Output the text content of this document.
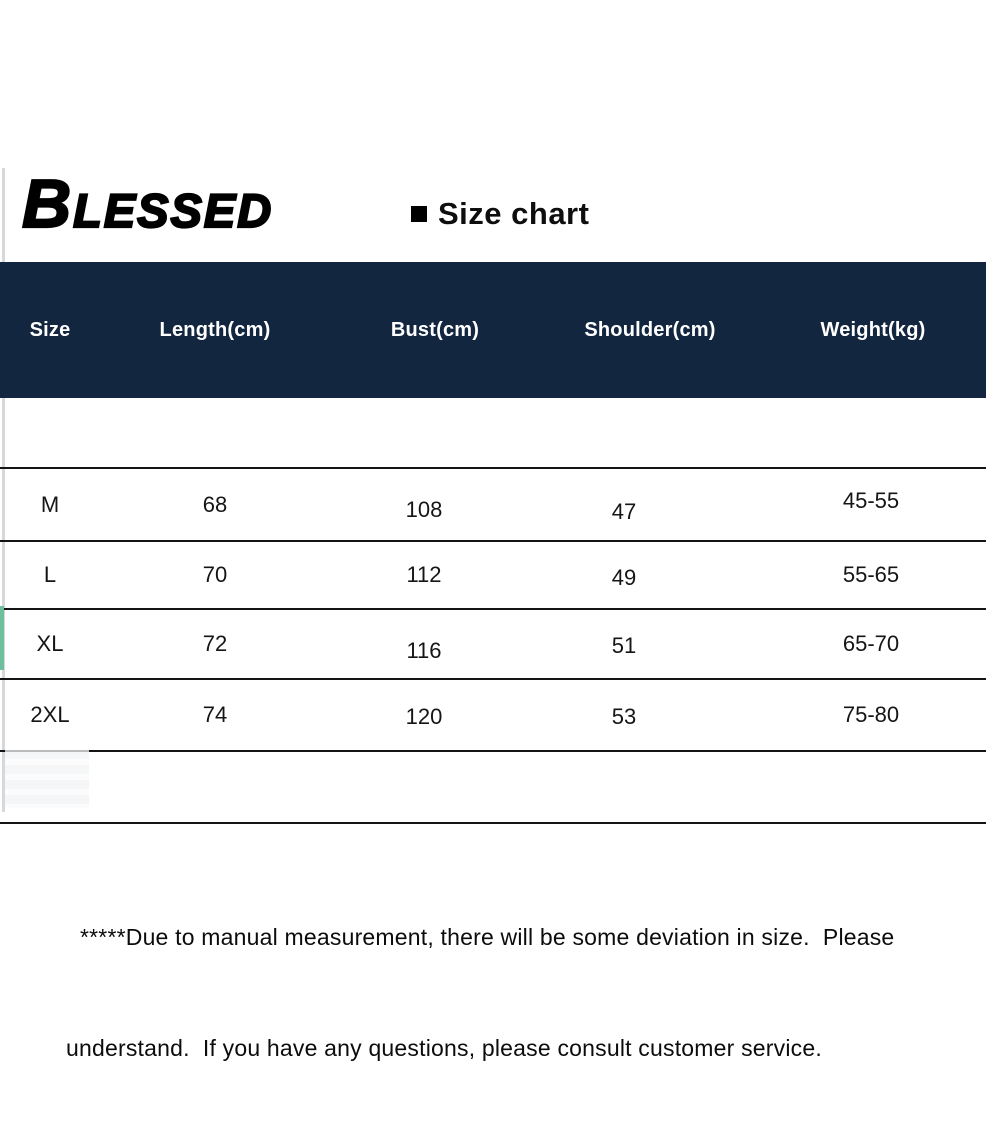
BLESSED	Size chart
Size	Length(cm)	Bust(cm)	Shoulder(cm)	Weight(kg)
M	68	108	47	45-55
L	70	112	49	55-65
XL	72	116	51	65-70
2XL	74	120	53	75-80

*****Due to manual measurement, there will be some deviation in size.  Please

understand.  If you have any questions, please consult customer service.
